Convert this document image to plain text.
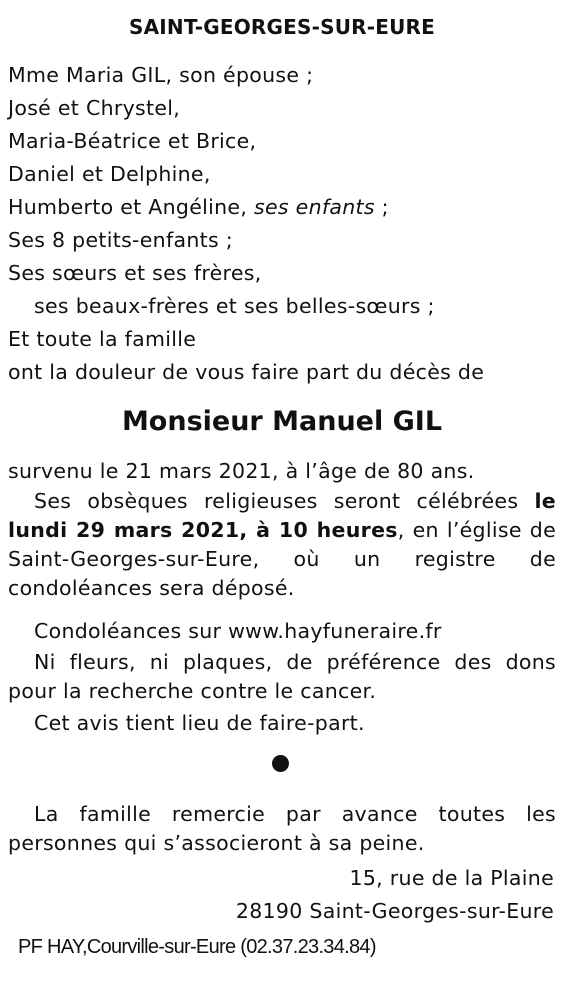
SAINT-GEORGES-SUR-EURE
Mme Maria GIL, son épouse ;
José et Chrystel,
Maria-Béatrice et Brice,
Daniel et Delphine,
Humberto et Angéline, ses enfants ;
Ses 8 petits-enfants ;
Ses sœurs et ses frères,
ses beaux-frères et ses belles-sœurs ;
Et toute la famille
ont la douleur de vous faire part du décès de
Monsieur Manuel GIL
survenu le 21 mars 2021, à l’âge de 80 ans.
Ses obsèques religieuses seront célébrées le lundi 29 mars 2021, à 10 heures, en l’église de Saint-Georges-sur-Eure, où un registre de condoléances sera déposé.
Condoléances sur www.hayfuneraire.fr
Ni fleurs, ni plaques, de préférence des dons pour la recherche contre le cancer.
Cet avis tient lieu de faire-part.
La famille remercie par avance toutes les personnes qui s’associeront à sa peine.
15, rue de la Plaine
28190 Saint-Georges-sur-Eure
PF HAY,Courville-sur-Eure (02.37.23.34.84)
